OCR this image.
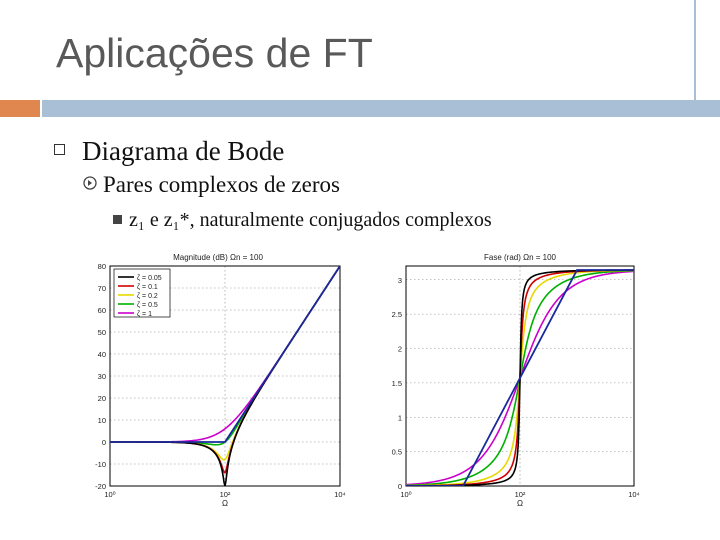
Aplicações de FT
Diagrama de Bode
Pares complexos de zeros
z₁ e z₁*, naturalmente conjugados complexos
Magnitude (dB) Ωn = 100
80
70
60
50
40
30
20
10
0
-10
-20
10⁰	10²	10⁴
ζ = 0.05
ζ = 0.1
ζ = 0.2
ζ = 0.5
ζ = 1
Ω
Fase (rad) Ωn = 100
3
2.5
2
1.5
1
0.5
0
10⁰	10²	10⁴
Ω
